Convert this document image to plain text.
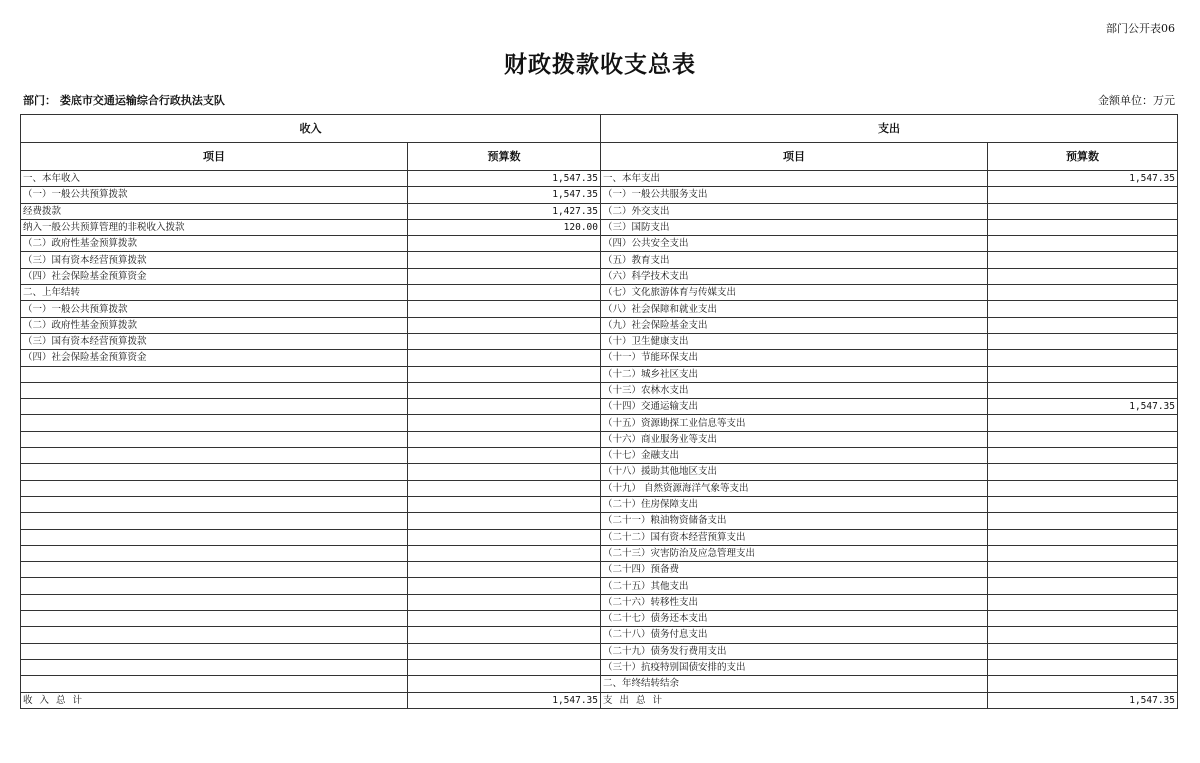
部门公开表06
财政拨款收支总表
部门： 娄底市交通运输综合行政执法支队	金额单位：万元
收入		支出	
项目	预算数	项目	预算数
一、本年收入	1,547.35	一、本年支出	1,547.35
（一）一般公共预算拨款	1,547.35	（一）一般公共服务支出	
经费拨款	1,427.35	（二）外交支出	
纳入一般公共预算管理的非税收入拨款	120.00	（三）国防支出	
（二）政府性基金预算拨款		（四）公共安全支出	
（三）国有资本经营预算拨款		（五）教育支出	
（四）社会保险基金预算资金		（六）科学技术支出	
二、上年结转		（七）文化旅游体育与传媒支出	
（一）一般公共预算拨款		（八）社会保障和就业支出	
（二）政府性基金预算拨款		（九）社会保险基金支出	
（三）国有资本经营预算拨款		（十）卫生健康支出	
（四）社会保险基金预算资金		（十一）节能环保支出	
		（十二）城乡社区支出	
		（十三）农林水支出	
		（十四）交通运输支出	1,547.35
		（十五）资源勘探工业信息等支出	
		（十六）商业服务业等支出	
		（十七）金融支出	
		（十八）援助其他地区支出	
		（十九） 自然资源海洋气象等支出	
		（二十）住房保障支出	
		（二十一）粮油物资储备支出	
		（二十二）国有资本经营预算支出	
		（二十三）灾害防治及应急管理支出	
		（二十四）预备费	
		（二十五）其他支出	
		（二十六）转移性支出	
		（二十七）债务还本支出	
		（二十八）债务付息支出	
		（二十九）债务发行费用支出	
		（三十）抗疫特别国债安排的支出	
		二、年终结转结余	
收 入 总 计	1,547.35	支 出 总 计	1,547.35
